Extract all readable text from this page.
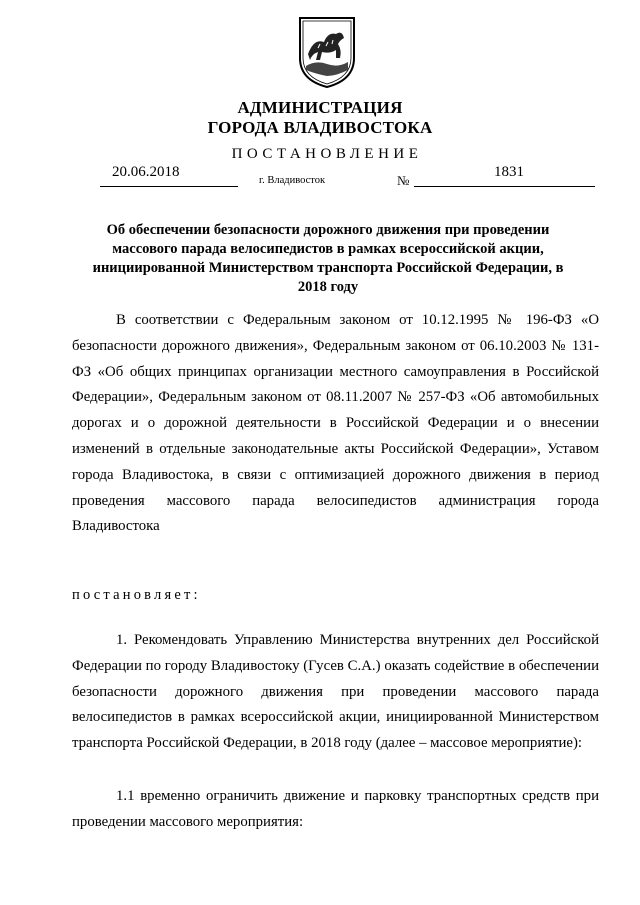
АДМИНИСТРАЦИЯ
ГОРОДА ВЛАДИВОСТОКА
ПОСТАНОВЛЕНИЕ
20.06.2018
г. Владивосток	№
1831
Об обеспечении безопасности дорожного движения при проведении массового парада велосипедистов в рамках всероссийской акции, инициированной Министерством транспорта Российской Федерации, в 2018 году
В соответствии с Федеральным законом от 10.12.1995 № 196-ФЗ «О безопасности дорожного движения», Федеральным законом от 06.10.2003 № 131-ФЗ «Об общих принципах организации местного самоуправления в Российской Федерации», Федеральным законом от 08.11.2007 № 257-ФЗ «Об автомобильных дорогах и о дорожной деятельности в Российской Федерации и о внесении изменений в отдельные законодательные акты Российской Федерации», Уставом города Владивостока, в связи с оптимизацией дорожного движения в период проведения массового парада велосипедистов администрация города Владивостока
постановляет:
1. Рекомендовать Управлению Министерства внутренних дел Российской Федерации по городу Владивостоку (Гусев С.А.) оказать содействие в обеспечении безопасности дорожного движения при проведении массового парада велосипедистов в рамках всероссийской акции, инициированной Министерством транспорта Российской Федерации, в 2018 году (далее – массовое мероприятие):
1.1 временно ограничить движение и парковку транспортных средств при проведении массового мероприятия:
